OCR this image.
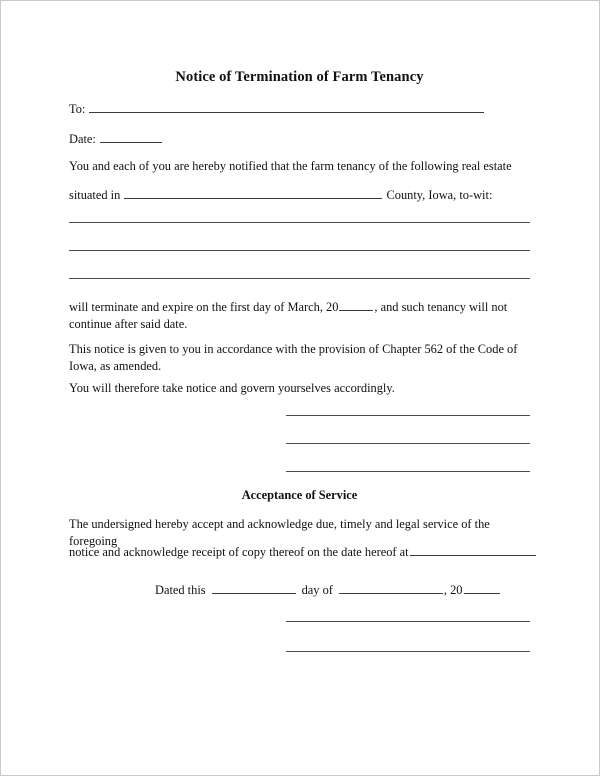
Notice of Termination of Farm Tenancy
To:
Date:
You and each of you are hereby notified that the farm tenancy of the following real estate
situated in	County, Iowa, to-wit:
will terminate and expire on the first day of March, 20	, and such tenancy will not continue after said date.
This notice is given to you in accordance with the provision of Chapter 562 of the Code of Iowa, as amended.
You will therefore take notice and govern yourselves accordingly.
Acceptance of Service
The undersigned hereby accept and acknowledge due, timely and legal service of the foregoing
notice and acknowledge receipt of copy thereof on the date hereof at
Dated this	day of	, 20
